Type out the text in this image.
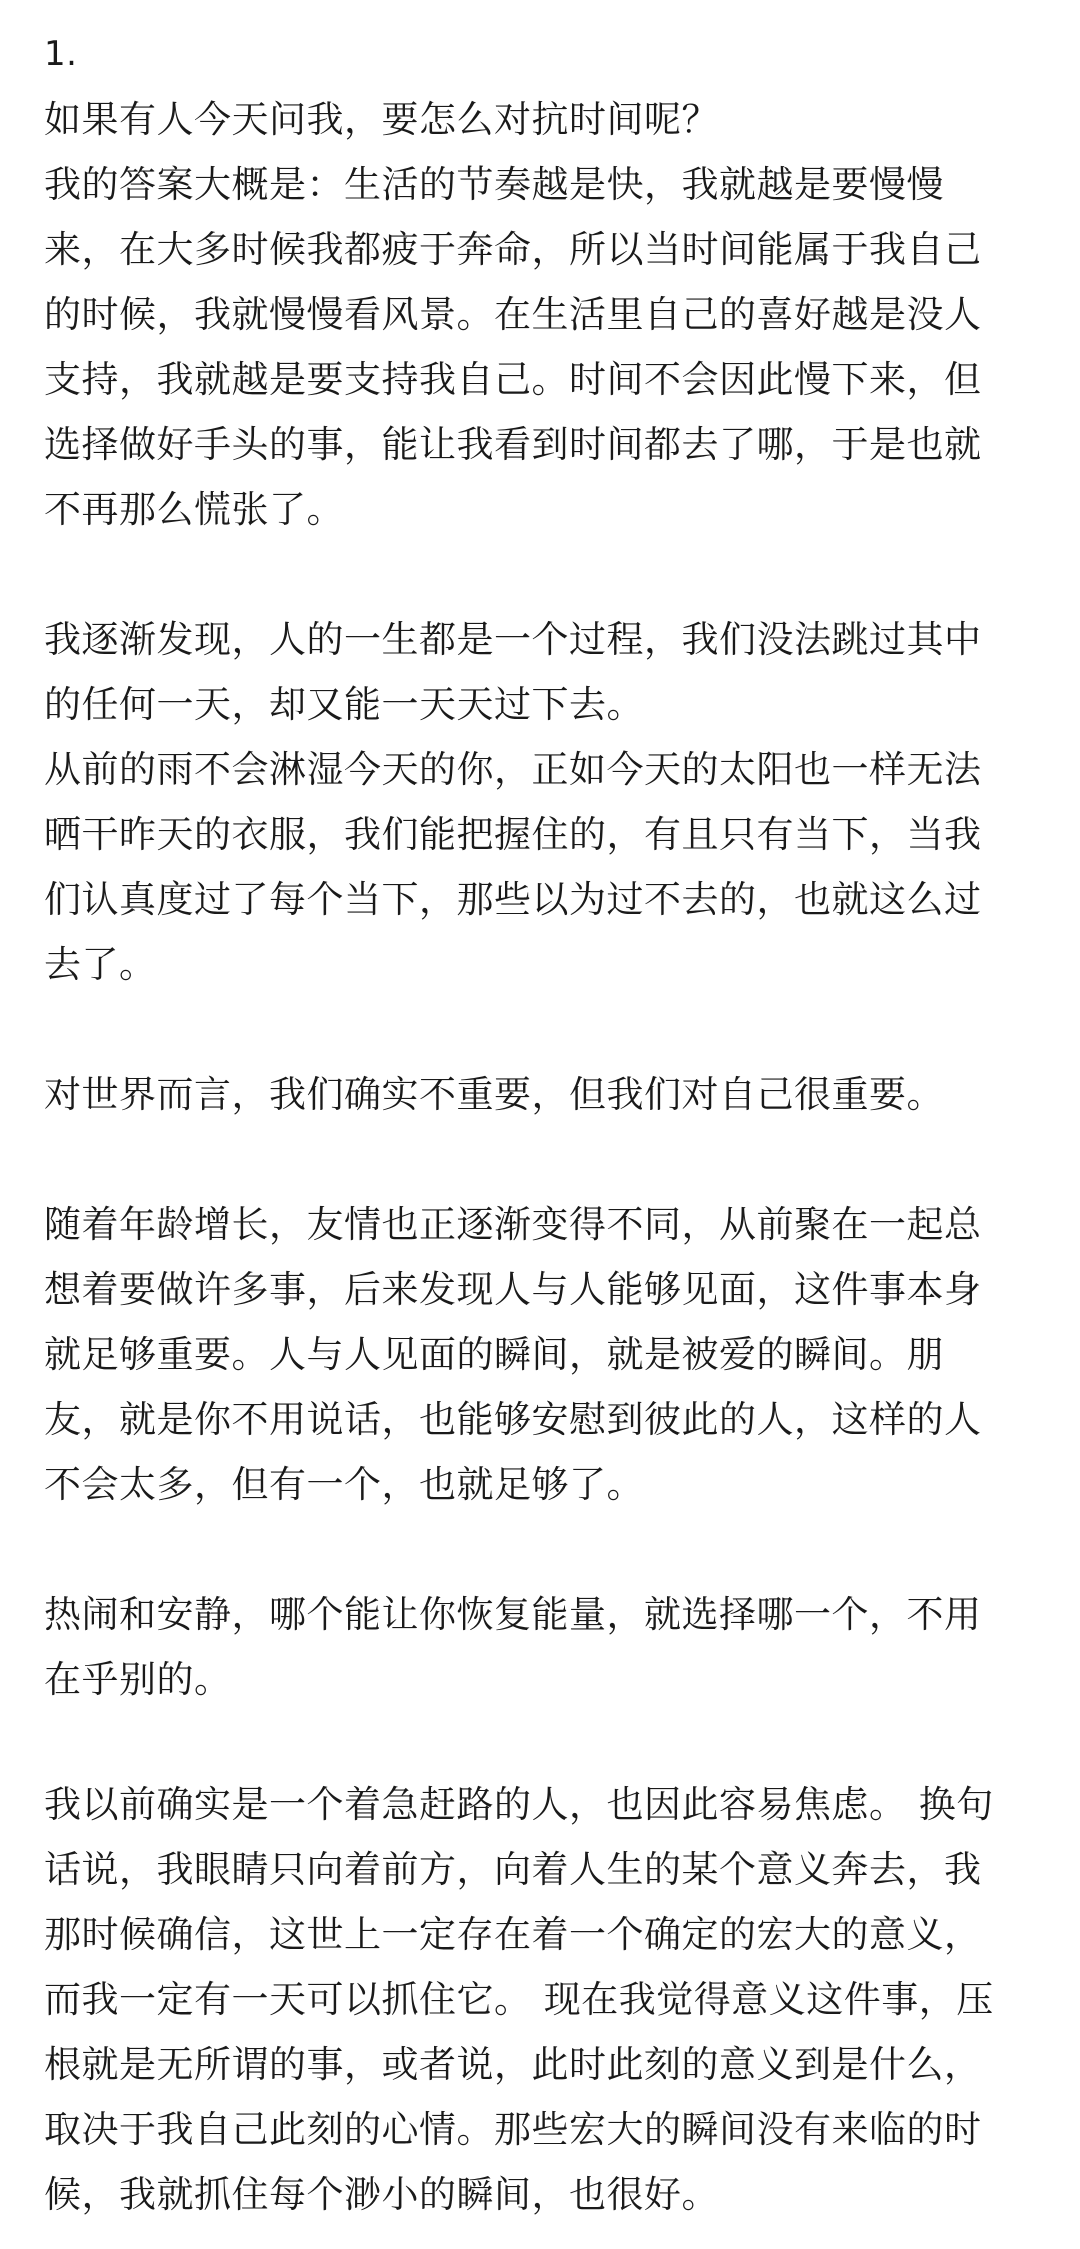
1.
如果有人今天问我，要怎么对抗时间呢？
我的答案大概是：生活的节奏越是快，我就越是要慢慢
来，在大多时候我都疲于奔命，所以当时间能属于我自己
的时候，我就慢慢看风景。在生活里自己的喜好越是没人
支持，我就越是要支持我自己。时间不会因此慢下来，但
选择做好手头的事，能让我看到时间都去了哪，于是也就
不再那么慌张了。
我逐渐发现，人的一生都是一个过程，我们没法跳过其中
的任何一天，却又能一天天过下去。
从前的雨不会淋湿今天的你，正如今天的太阳也一样无法
晒干昨天的衣服，我们能把握住的，有且只有当下，当我
们认真度过了每个当下，那些以为过不去的，也就这么过
去了。
对世界而言，我们确实不重要，但我们对自己很重要。
随着年龄增长，友情也正逐渐变得不同，从前聚在一起总
想着要做许多事，后来发现人与人能够见面，这件事本身
就足够重要。人与人见面的瞬间，就是被爱的瞬间。朋
友，就是你不用说话，也能够安慰到彼此的人，这样的人
不会太多，但有一个，也就足够了。
热闹和安静，哪个能让你恢复能量，就选择哪一个，不用
在乎别的。
我以前确实是一个着急赶路的人，也因此容易焦虑。 换句
话说，我眼睛只向着前方，向着人生的某个意义奔去，我
那时候确信，这世上一定存在着一个确定的宏大的意义，
而我一定有一天可以抓住它。 现在我觉得意义这件事，压
根就是无所谓的事，或者说，此时此刻的意义到是什么，
取决于我自己此刻的心情。那些宏大的瞬间没有来临的时
候，我就抓住每个渺小的瞬间，也很好。
